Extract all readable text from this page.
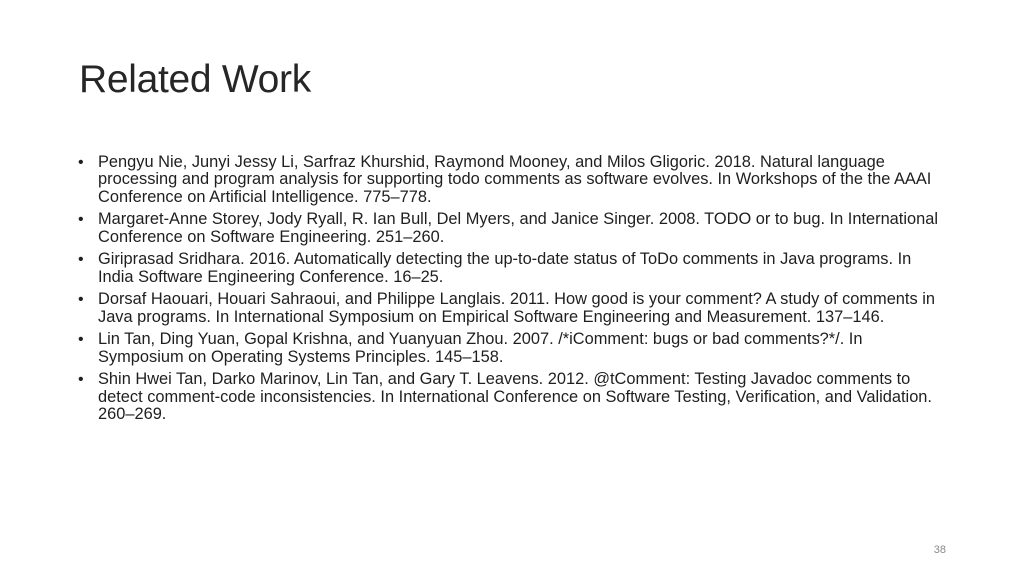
Related Work
• Pengyu Nie, Junyi Jessy Li, Sarfraz Khurshid, Raymond Mooney, and Milos Gligoric. 2018. Natural language processing and program analysis for supporting todo comments as software evolves. In Workshops of the the AAAI Conference on Artificial Intelligence. 775–778.
• Margaret-Anne Storey, Jody Ryall, R. Ian Bull, Del Myers, and Janice Singer. 2008. TODO or to bug. In International Conference on Software Engineering. 251–260.
• Giriprasad Sridhara. 2016. Automatically detecting the up-to-date status of ToDo comments in Java programs. In India Software Engineering Conference. 16–25.
• Dorsaf Haouari, Houari Sahraoui, and Philippe Langlais. 2011. How good is your comment? A study of comments in Java programs. In International Symposium on Empirical Software Engineering and Measurement. 137–146.
• Lin Tan, Ding Yuan, Gopal Krishna, and Yuanyuan Zhou. 2007. /*iComment: bugs or bad comments?*/. In Symposium on Operating Systems Principles. 145–158.
• Shin Hwei Tan, Darko Marinov, Lin Tan, and Gary T. Leavens. 2012. @tComment: Testing Javadoc comments to detect comment-code inconsistencies. In International Conference on Software Testing, Verification, and Validation. 260–269.
38
